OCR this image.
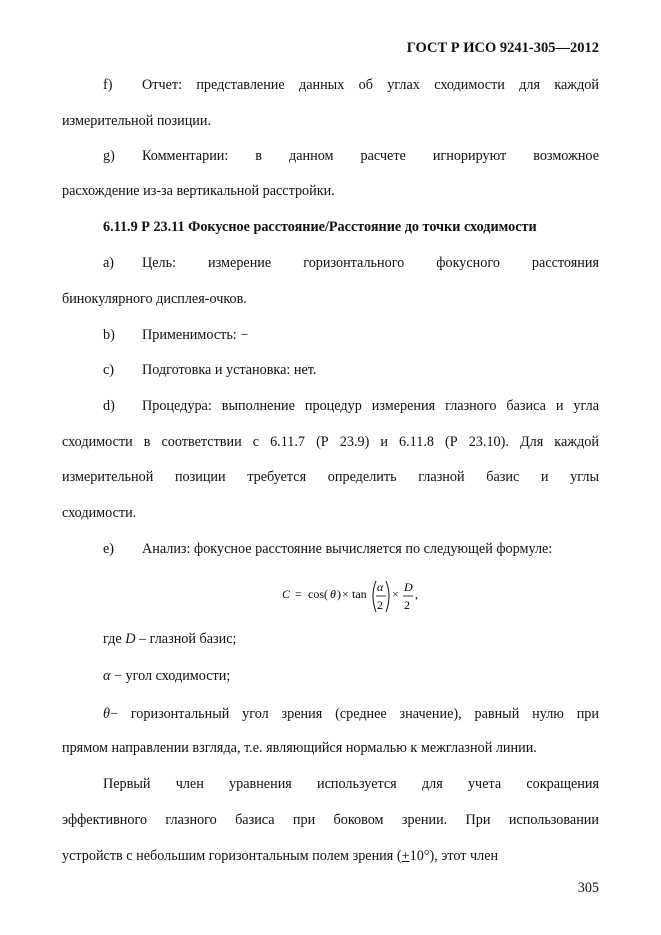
ГОСТ Р ИСО 9241-305—2012
f) Отчет: представление данных об углах сходимости для каждой
измерительной позиции.
g) Комментарии: в данном расчете игнорируют возможное
расхождение из-за вертикальной расстройки.
6.11.9 Р 23.11 Фокусное расстояние/Расстояние до точки сходимости
a) Цель: измерение горизонтального фокусного расстояния
бинокулярного дисплея-очков.
b) Применимость: −
c) Подготовка и установка: нет.
d) Процедура: выполнение процедур измерения глазного базиса и угла
сходимости в соответствии с 6.11.7 (Р 23.9) и 6.11.8 (Р 23.10). Для каждой
измерительной позиции требуется определить глазной базис и углы
сходимости.
e) Анализ: фокусное расстояние вычисляется по следующей формуле:
C = cos( θ ) × tan α
2
× D
2
,
где D – глазной базис;
α − угол сходимости;
θ − горизонтальный угол зрения (среднее значение), равный нулю при
прямом направлении взгляда, т.е. являющийся нормалью к межглазной линии.
Первый член уравнения используется для учета сокращения
эффективного глазного базиса при боковом зрении. При использовании
устройств с небольшим горизонтальным полем зрения ( + 10°), этот член
305
